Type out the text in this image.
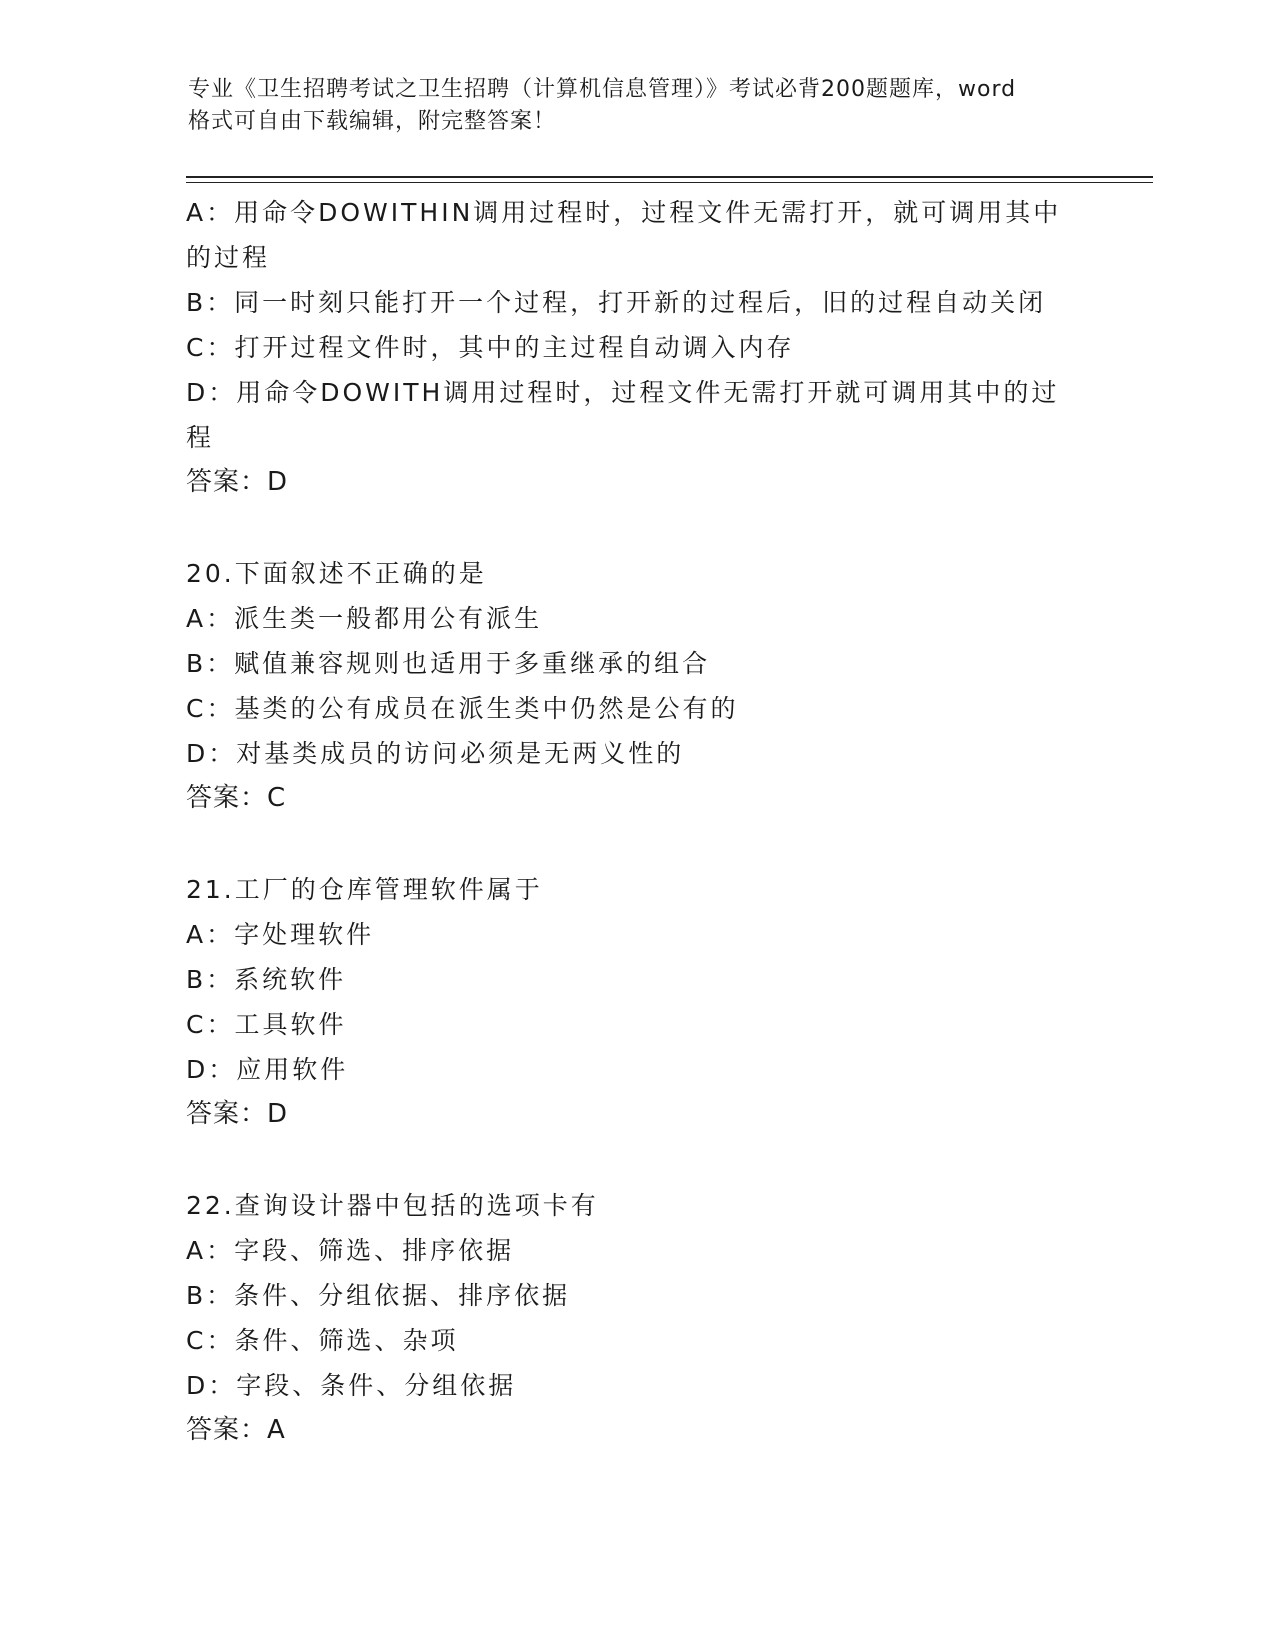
专业《卫生招聘考试之卫生招聘（计算机信息管理）》考试必背200题题库，word
格式可自由下载编辑，附完整答案！
A：用命令DOWITHIN调用过程时，过程文件无需打开，就可调用其中
的过程
B：同一时刻只能打开一个过程，打开新的过程后，旧的过程自动关闭
C：打开过程文件时，其中的主过程自动调入内存
D：用命令DOWITH调用过程时，过程文件无需打开就可调用其中的过
程
答案：D
20.下面叙述不正确的是
A：派生类一般都用公有派生
B：赋值兼容规则也适用于多重继承的组合
C：基类的公有成员在派生类中仍然是公有的
D：对基类成员的访问必须是无两义性的
答案：C
21.工厂的仓库管理软件属于
A：字处理软件
B：系统软件
C：工具软件
D：应用软件
答案：D
22.查询设计器中包括的选项卡有
A：字段、筛选、排序依据
B：条件、分组依据、排序依据
C：条件、筛选、杂项
D：字段、条件、分组依据
答案：A
